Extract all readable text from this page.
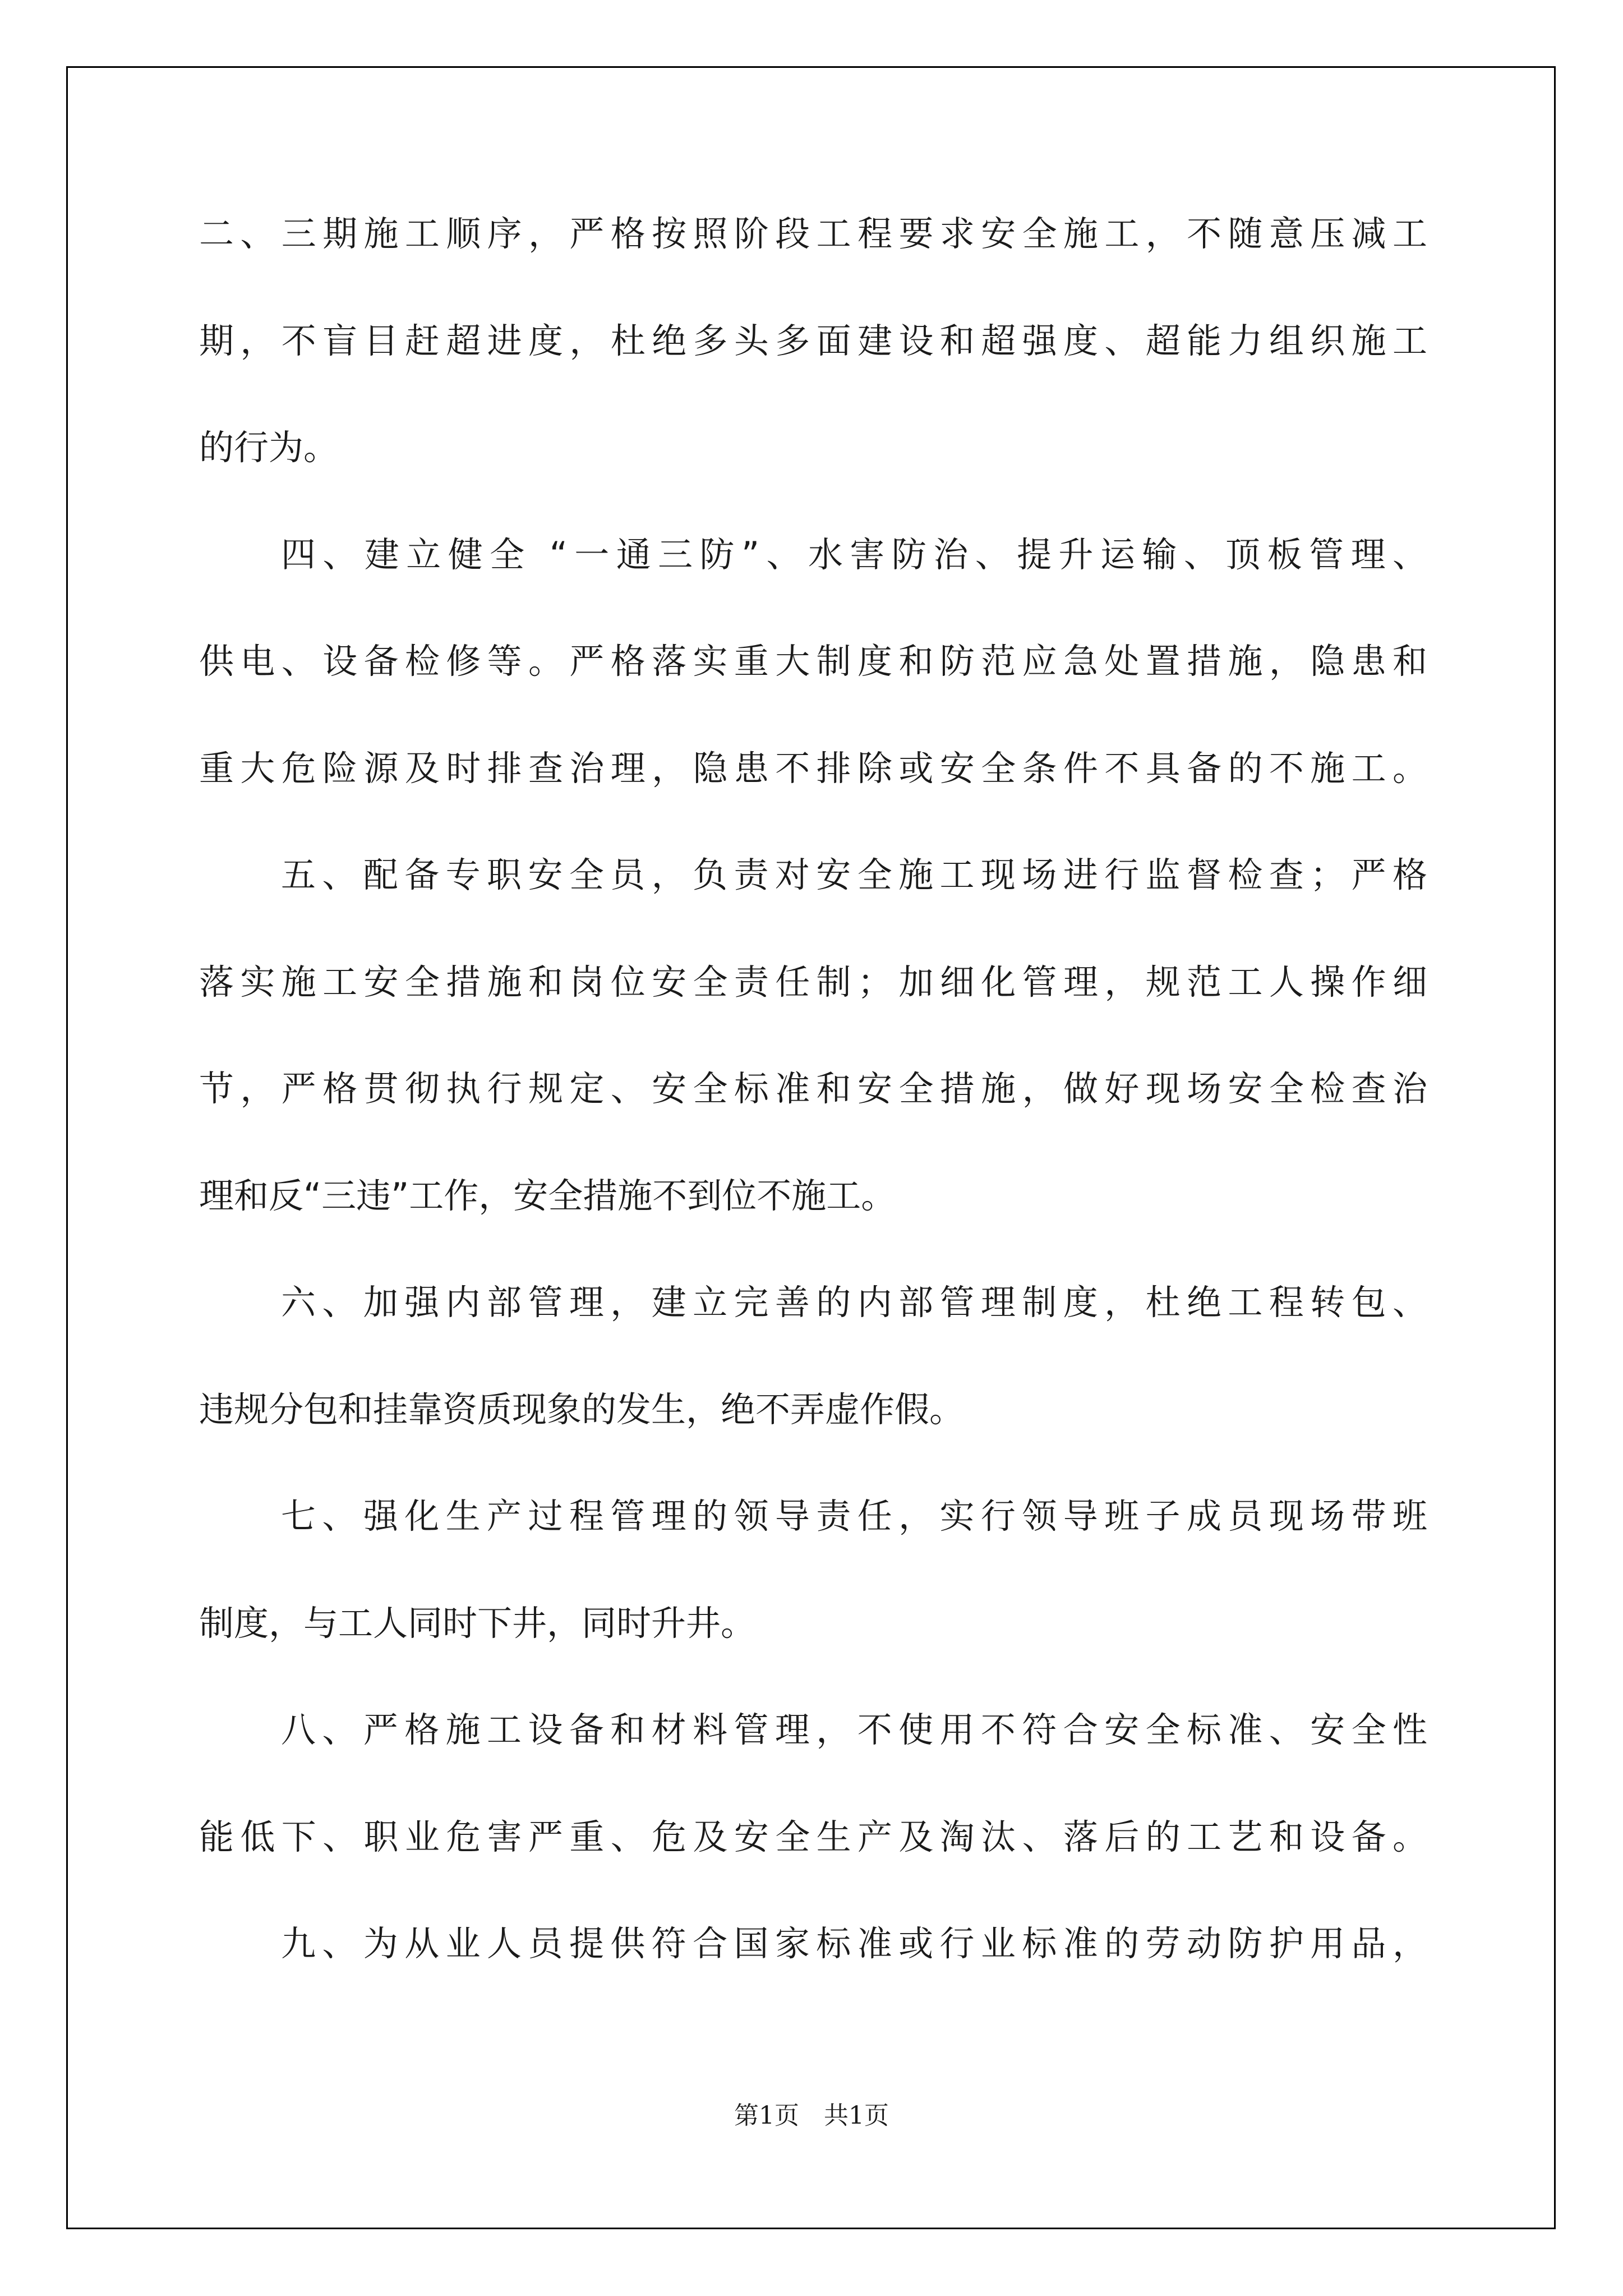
二、三期施工顺序，严格按照阶段工程要求安全施工，不随意压减工
期，不盲目赶超进度，杜绝多头多面建设和超强度、超能力组织施工
的行为。
四、建立健全 “一通三防”、水害防治、提升运输、顶板管理、
供电、设备检修等。严格落实重大制度和防范应急处置措施，隐患和
重大危险源及时排查治理，隐患不排除或安全条件不具备的不施工。
五、配备专职安全员，负责对安全施工现场进行监督检查；严格
落实施工安全措施和岗位安全责任制；加细化管理，规范工人操作细
节，严格贯彻执行规定、安全标准和安全措施，做好现场安全检查治
理和反“三违”工作，安全措施不到位不施工。
六、加强内部管理，建立完善的内部管理制度，杜绝工程转包、
违规分包和挂靠资质现象的发生，绝不弄虚作假。
七、强化生产过程管理的领导责任，实行领导班子成员现场带班
制度，与工人同时下井，同时升井。
八、严格施工设备和材料管理，不使用不符合安全标准、安全性
能低下、职业危害严重、危及安全生产及淘汰、落后的工艺和设备。
九、为从业人员提供符合国家标准或行业标准的劳动防护用品，
第1页　共1页
